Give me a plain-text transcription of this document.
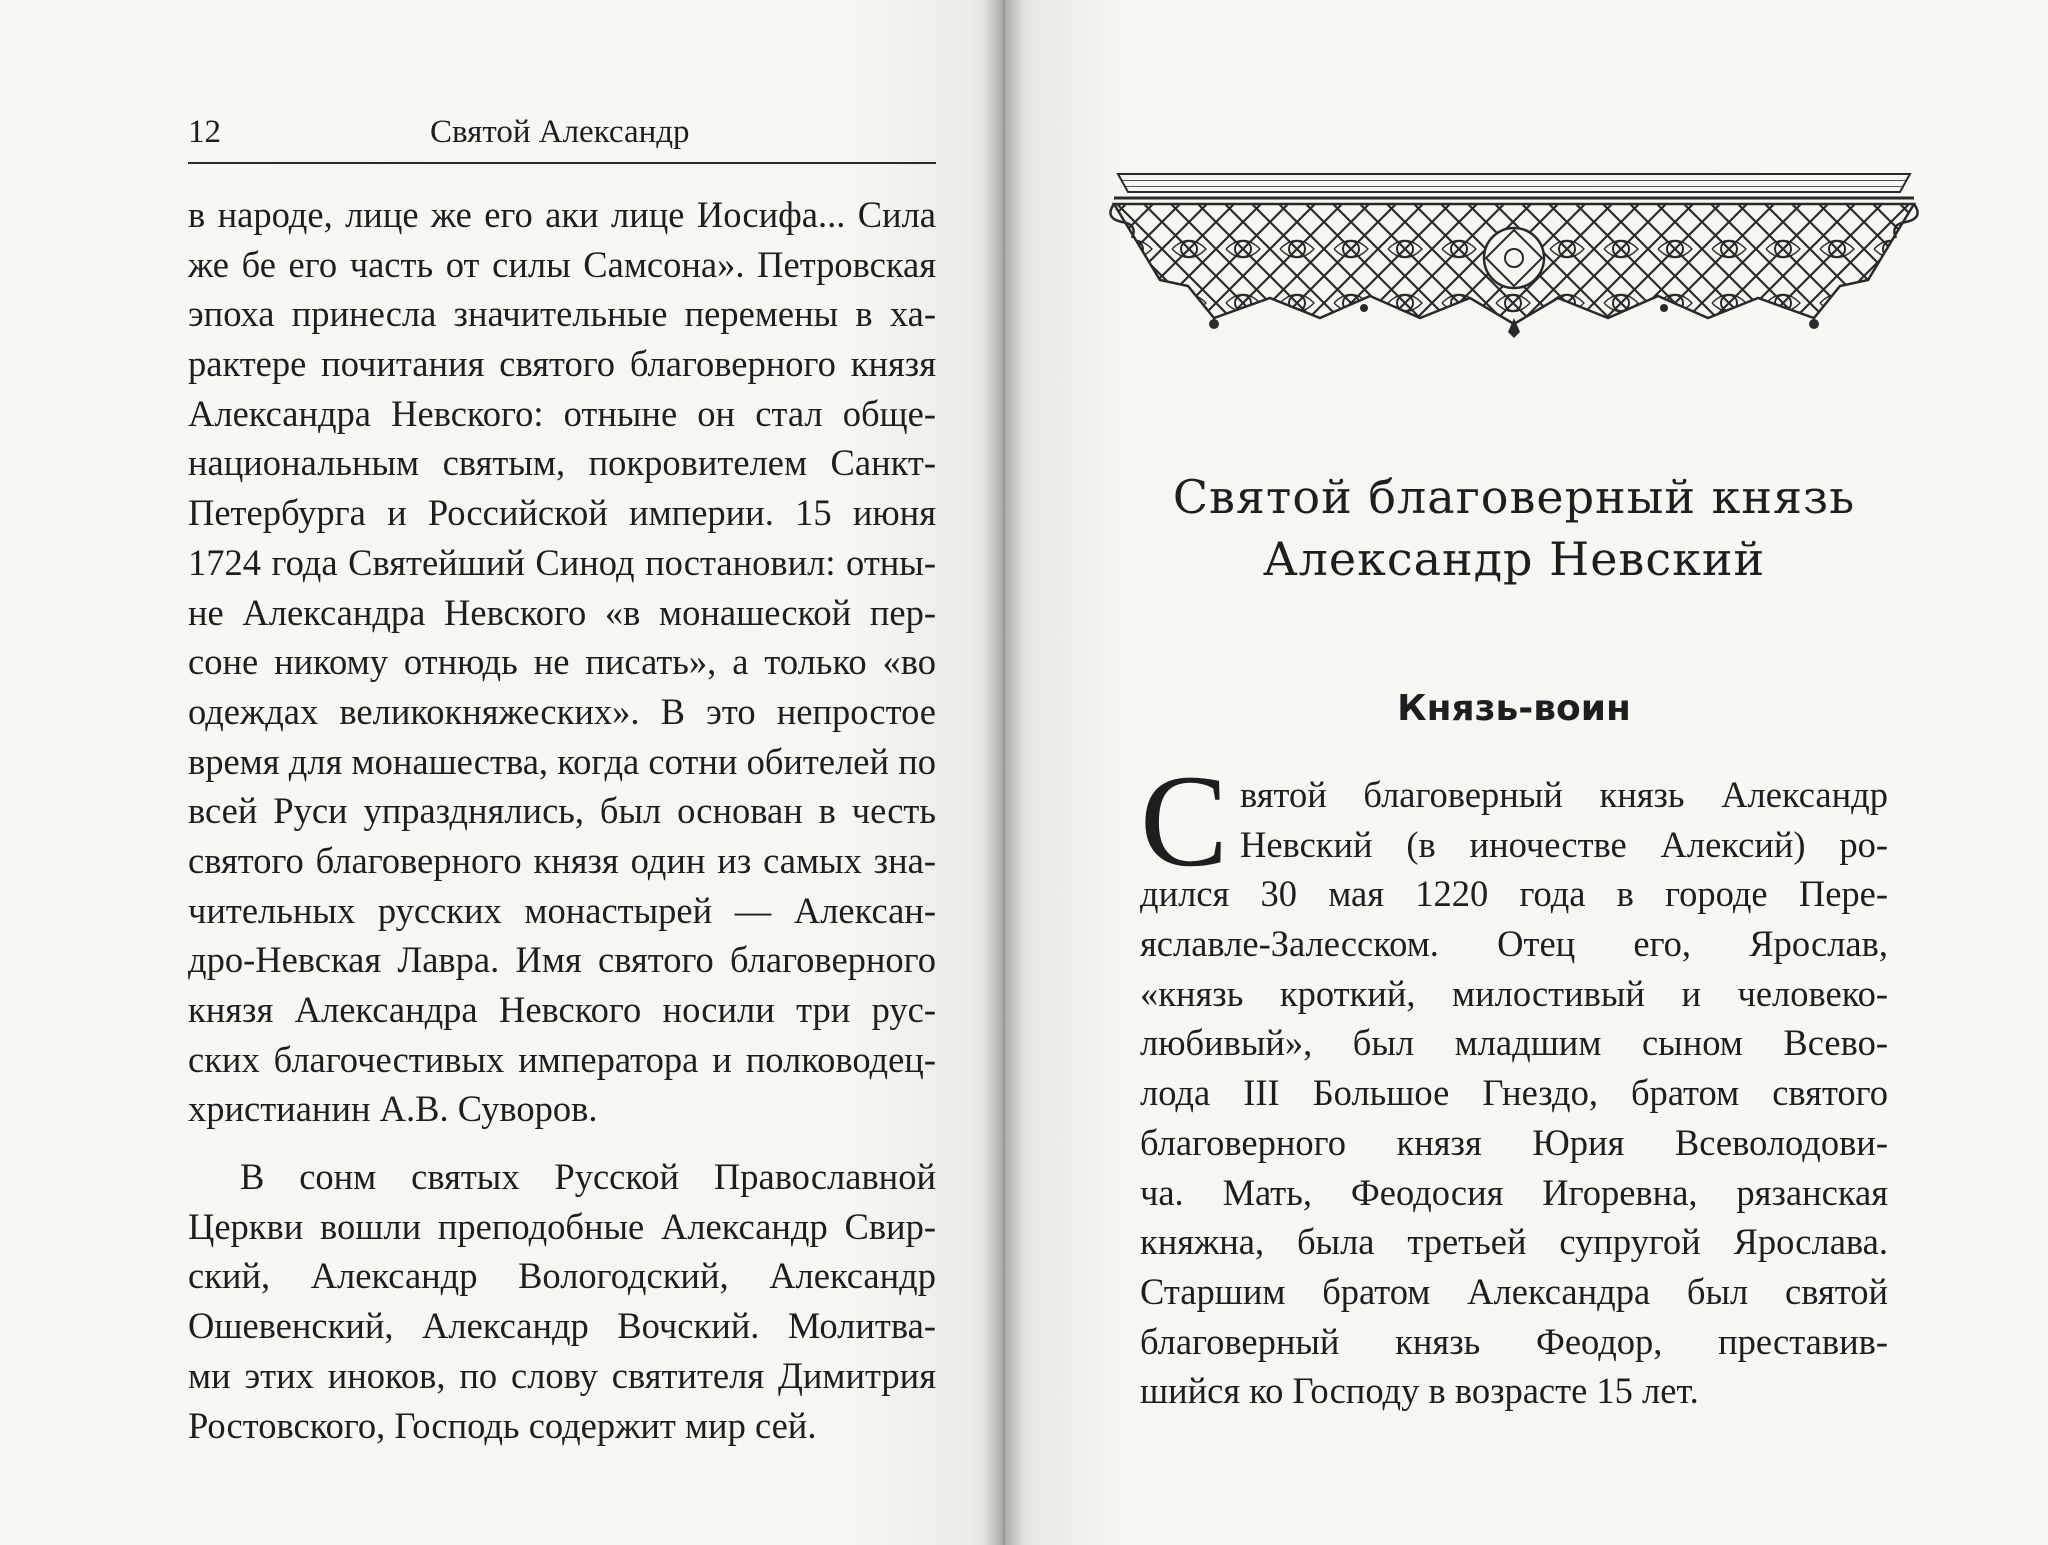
12	Святой Александр
в народе, лице же его аки лице Иосифа... Сила
же бе его часть от силы Самсона». Петровская
эпоха принесла значительные перемены в ха-
рактере почитания святого благоверного князя
Александра Невского: отныне он стал обще-
национальным святым, покровителем Санкт-
Петербурга и Российской империи. 15 июня
1724 года Святейший Синод постановил: отны-
не Александра Невского «в монашеской пер-
соне никому отнюдь не писать», а только «во
одеждах великокняжеских». В это непростое
время для монашества, когда сотни обителей по
всей Руси упразднялись, был основан в честь
святого благоверного князя один из самых зна-
чительных русских монастырей — Алексан-
дро-Невская Лавра. Имя святого благоверного
князя Александра Невского носили три рус-
ских благочестивых императора и полководец-
христианин А.В. Суворов.
В сонм святых Русской Православной
Церкви вошли преподобные Александр Свир-
ский, Александр Вологодский, Александр
Ошевенский, Александр Вочский. Молитва-
ми этих иноков, по слову святителя Димитрия
Ростовского, Господь содержит мир сей.
Святой благоверный князь
Александр Невский
Князь-воин
С вятой благоверный князь Александр
Невский (в иночестве Алексий) ро-
дился 30 мая 1220 года в городе Пере-
яславле-Залесском. Отец его, Ярослав,
«князь кроткий, милостивый и человеко-
любивый», был младшим сыном Всево-
лода III Большое Гнездо, братом святого
благоверного князя Юрия Всеволодови-
ча. Мать, Феодосия Игоревна, рязанская
княжна, была третьей супругой Ярослава.
Старшим братом Александра был святой
благоверный князь Феодор, преставив-
шийся ко Господу в возрасте 15 лет.
